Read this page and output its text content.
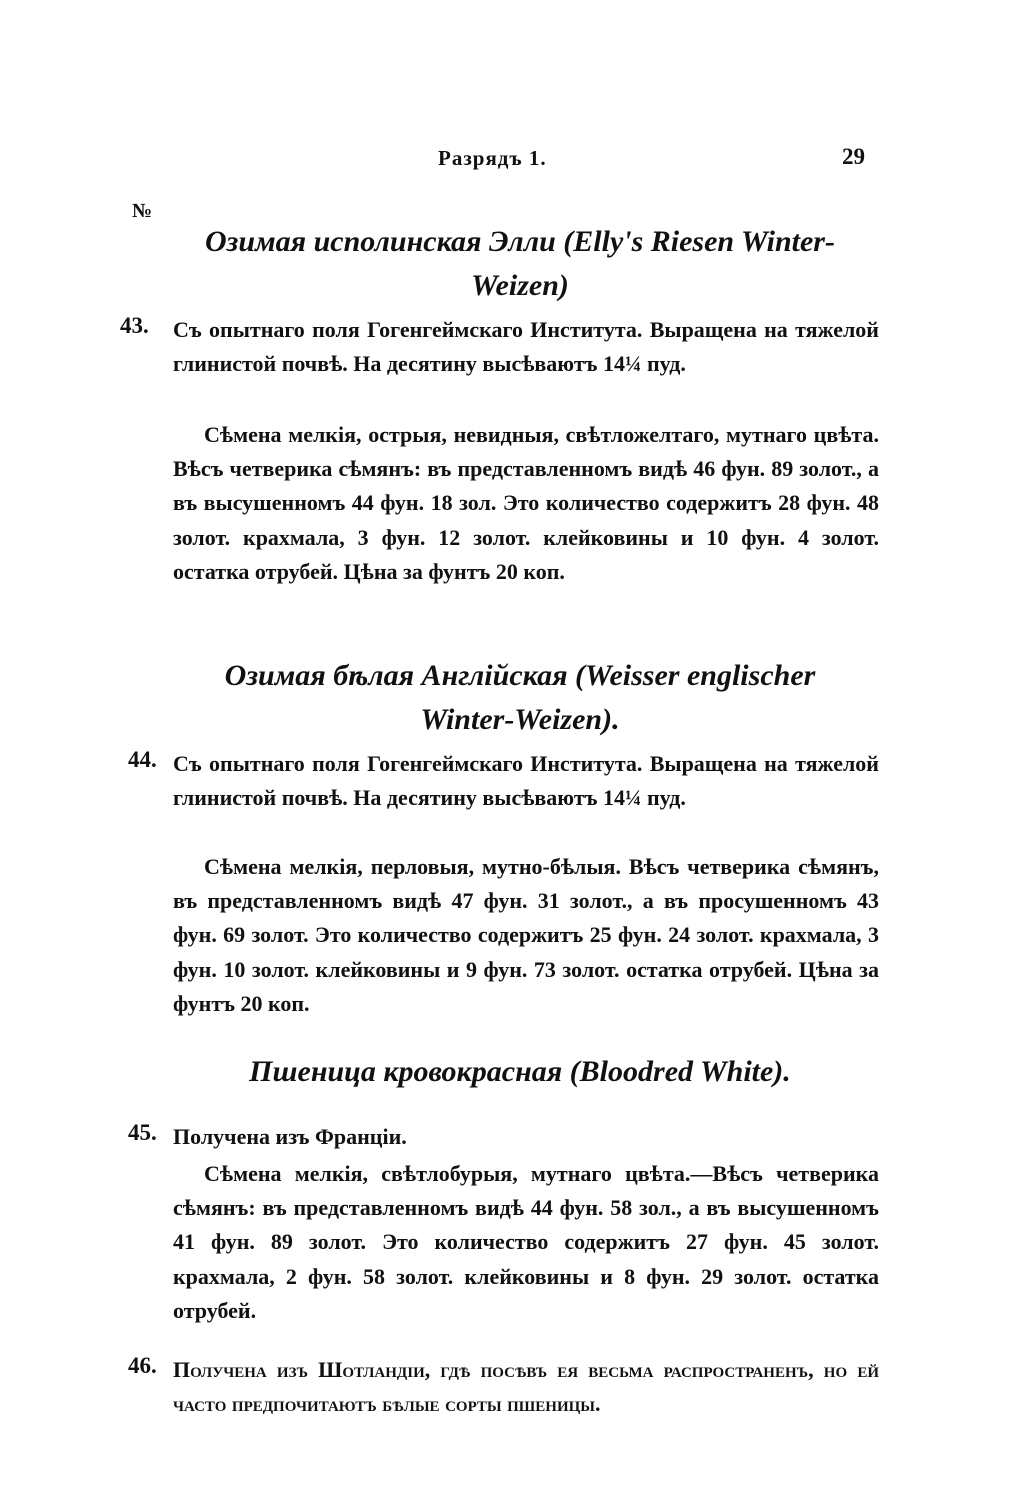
Разрядъ 1.	29
№
Озимая исполинская Элли (Elly's Riesen Winter-Weizen)
43. Съ опытнаго поля Гогенгеймскаго Института. Выращена на тяжелой глинистой почвѣ. На десятину высѣваютъ 14¼ пуд.

Сѣмена мелкія, острыя, невидныя, свѣтложелтаго, мутнаго цвѣта. Вѣсъ четверика сѣмянъ: въ представленномъ видѣ 46 фун. 89 золот., а въ высушенномъ 44 фун. 18 зол. Это количество содержитъ 28 фун. 48 золот. крахмала, 3 фун. 12 золот. клейковины и 10 фун. 4 золот. остатка отрубей. Цѣна за фунтъ 20 коп.

Озимая бѣлая Англійская (Weisser englischer Winter-Weizen).
44. Съ опытнаго поля Гогенгеймскаго Института. Выращена на тяжелой глинистой почвѣ. На десятину высѣваютъ 14¼ пуд.

Сѣмена мелкія, перловыя, мутно-бѣлыя. Вѣсъ четверика сѣмянъ, въ представленномъ видѣ 47 фун. 31 золот., а въ просушенномъ 43 фун. 69 золот. Это количество содержитъ 25 фун. 24 золот. крахмала, 3 фун. 10 золот. клейковины и 9 фун. 73 золот. остатка отрубей. Цѣна за фунтъ 20 коп.

Пшеница кровокрасная (Bloodred White).
45. Получена изъ Франціи.

Сѣмена мелкія, свѣтлобурыя, мутнаго цвѣта.—Вѣсъ четверика сѣмянъ: въ представленномъ видѣ 44 фун. 58 зол., а въ высушенномъ 41 фун. 89 золот. Это количество содержитъ 27 фун. 45 золот. крахмала, 2 фун. 58 золот. клейковины и 8 фун. 29 золот. остатка отрубей.

46. Получена изъ Шотландіи, гдѣ посѣвъ ея весьма распространенъ, но ей часто предпочитаютъ бѣлые сорты пшеницы.
